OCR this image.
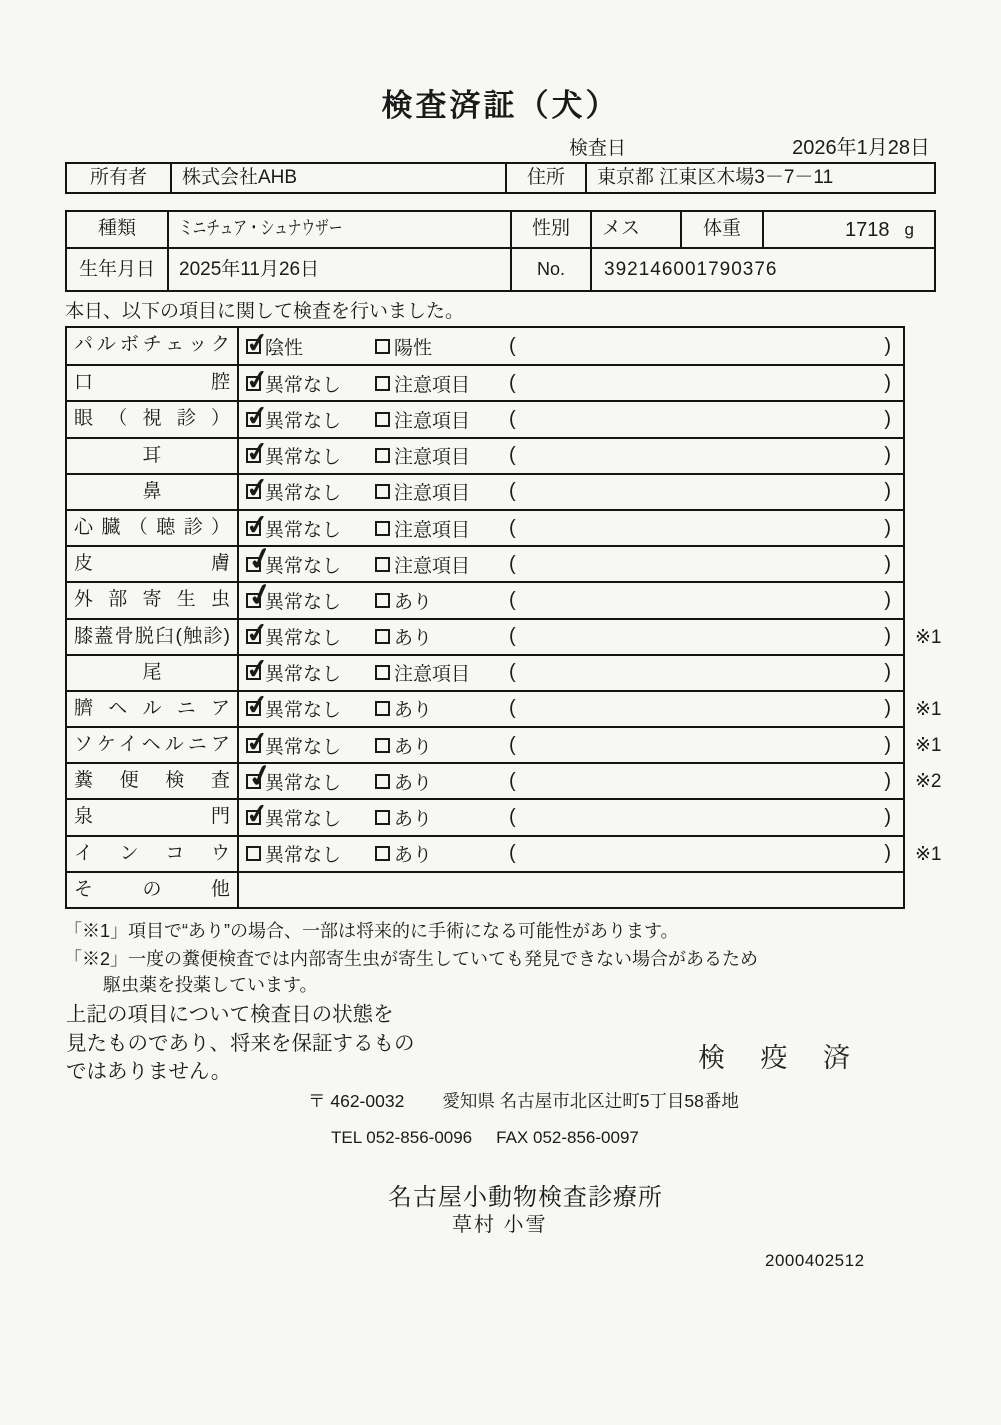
検査済証（犬）
検査日	2026年1月28日
所有者	株式会社AHB	住所	東京都 江東区木場3－7－11
種類	ミニチュア・シュナウザー	性別	メス	体重	1718 g
生年月日	2025年11月26日	No.	392146001790376

本日、以下の項目に関して検査を行いました。

パルボチェック ✓	陰性	陽性	(	)
口腔 ✓	異常なし	注意項目 (	)
眼（視診） ✓	異常なし	注意項目 (	)
耳 ✓	異常なし	注意項目 (	)
鼻 ✓	異常なし	注意項目 (	)
心臓（聴診） ✓	異常なし	注意項目 (	)
皮膚 ✓	異常なし	注意項目 (	)
外部寄生虫 ✓	異常なし	あり	(	)
膝蓋骨脱臼(触診) ✓	異常なし	あり	(	) ※1
尾 ✓	異常なし	注意項目 (	)
臍ヘルニア ✓	異常なし	あり	(	) ※1
ソケイヘルニア ✓	異常なし	あり	(	) ※1
糞便検査 ✓	異常なし	あり	(	) ※2
泉門 ✓	異常なし	あり	(	)
インコウ	異常なし	あり	(	) ※1
その他

「※1」項目で“あり”の場合、一部は将来的に手術になる可能性があります。

「※2」一度の糞便検査では内部寄生虫が寄生していても発見できない場合があるため

駆虫薬を投薬しています。

上記の項目について検査日の状態を

見たものであり、将来を保証するもの

ではありません。	検 疫 済
〒 462-0032 愛知県 名古屋市北区辻町5丁目58番地
TEL 052-856-0096 FAX 052-856-0097
名古屋小動物検査診療所
草村 小雪
2000402512
